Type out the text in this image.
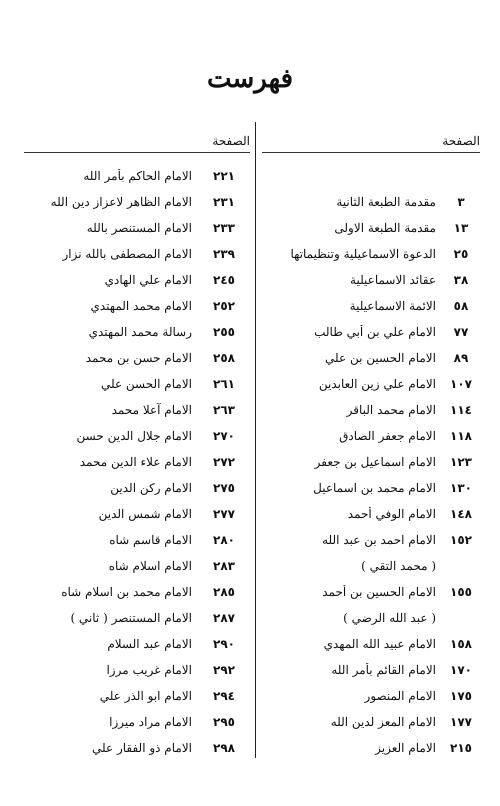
فهرست
الصفحة
٣
مقدمة الطبعة الثانية
١٣
مقدمة الطبعة الاولى
٢٥
الدعوة الاسماعيلية وتنظيماتها
٣٨
عقائد الاسماعيلية
٥٨
الائمة الاسماعيلية
٧٧
الامام علي بن أبي طالب
٨٩
الامام الحسين بن علي
١٠٧
الامام علي زين العابدين
١١٤
الامام محمد الباقر
١١٨
الامام جعفر الصادق
١٢٣
الامام اسماعيل بن جعفر
١٣٠
الامام محمد بن اسماعيل
١٤٨
الامام الوفي أحمد
١٥٢
الامام احمد بن عبد الله
( محمد التقي )
١٥٥
الامام الحسين بن أحمد
( عبد الله الرضي )
١٥٨
الامام عبيد الله المهدي
١٧٠
الامام القائم بأمر الله
١٧٥
الامام المنصور
١٧٧
الامام المعز لدين الله
٢١٥
الامام العزيز
الصفحة
٢٢١
الامام الحاكم بأمر الله
٢٣١
الامام الظاهر لاعزاز دين الله
٢٣٣
الامام المستنصر بالله
٢٣٩
الامام المصطفى بالله نزار
٢٤٥
الامام علي الهادي
٢٥٢
الامام محمد المهتدي
٢٥٥
رسالة محمد المهتدي
٢٥٨
الامام حسن بن محمد
٢٦١
الامام الحسن علي
٢٦٣
الامام آعلا محمد
٢٧٠
الامام جلال الدين حسن
٢٧٢
الامام علاء الدين محمد
٢٧٥
الامام ركن الدين
٢٧٧
الامام شمس الدين
٢٨٠
الامام قاسم شاه
٢٨٣
الامام اسلام شاه
٢٨٥
الامام محمد بن اسلام شاه
٢٨٧
الامام المستنصر ( ثاني )
٢٩٠
الامام عبد السلام
٢٩٢
الامام غريب مرزا
٢٩٤
الامام ابو الذر علي
٢٩٥
الامام مراد ميرزا
٢٩٨
الامام ذو الفقار علي
